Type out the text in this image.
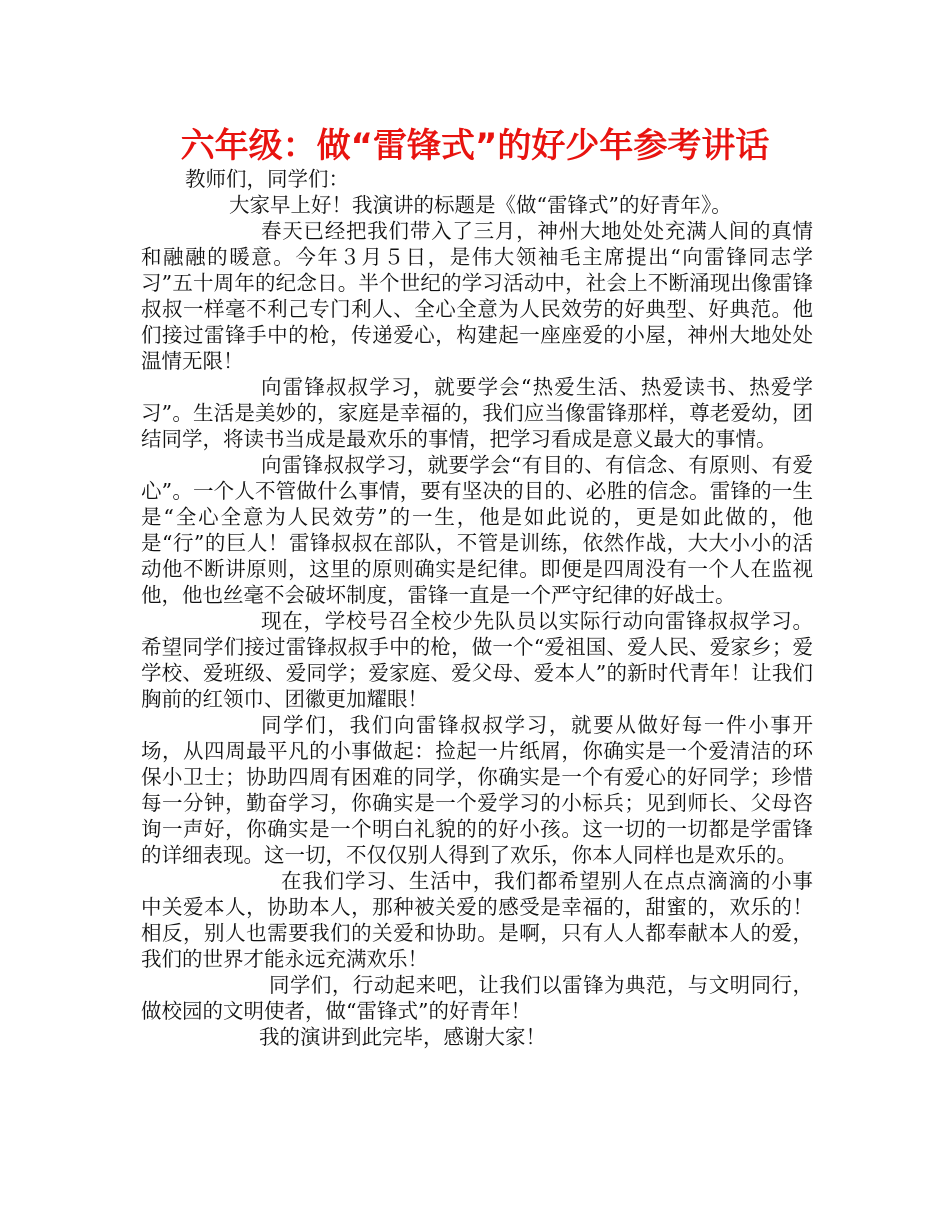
六年级：做“雷锋式”的好少年参考讲话

教师们，同学们：

大家早上好！我演讲的标题是《做“雷锋式”的好青年》。

春天已经把我们带入了三月，神州大地处处充满人间的真情和融融的暖意。今年３月５日，是伟大领袖毛主席提出“向雷锋同志学习”五十周年的纪念日。半个世纪的学习活动中，社会上不断涌现出像雷锋叔叔一样毫不利己专门利人、全心全意为人民效劳的好典型、好典范。他们接过雷锋手中的枪，传递爱心，构建起一座座爱的小屋，神州大地处处温情无限！

向雷锋叔叔学习，就要学会“热爱生活、热爱读书、热爱学习”。生活是美妙的，家庭是幸福的，我们应当像雷锋那样，尊老爱幼，团结同学，将读书当成是最欢乐的事情，把学习看成是意义最大的事情。

向雷锋叔叔学习，就要学会“有目的、有信念、有原则、有爱心”。一个人不管做什么事情，要有坚决的目的、必胜的信念。雷锋的一生是“全心全意为人民效劳”的一生，他是如此说的，更是如此做的，他是“行”的巨人！雷锋叔叔在部队，不管是训练，依然作战，大大小小的活动他不断讲原则，这里的原则确实是纪律。即便是四周没有一个人在监视他，他也丝毫不会破坏制度，雷锋一直是一个严守纪律的好战士。

现在，学校号召全校少先队员以实际行动向雷锋叔叔学习。希望同学们接过雷锋叔叔手中的枪，做一个“爱祖国、爱人民、爱家乡；爱学校、爱班级、爱同学；爱家庭、爱父母、爱本人”的新时代青年！让我们胸前的红领巾、团徽更加耀眼！

同学们，我们向雷锋叔叔学习，就要从做好每一件小事开场，从四周最平凡的小事做起：捡起一片纸屑，你确实是一个爱清洁的环保小卫士；协助四周有困难的同学，你确实是一个有爱心的好同学；珍惜每一分钟，勤奋学习，你确实是一个爱学习的小标兵；见到师长、父母咨询一声好，你确实是一个明白礼貌的的好小孩。这一切的一切都是学雷锋的详细表现。这一切，不仅仅别人得到了欢乐，你本人同样也是欢乐的。

在我们学习、生活中，我们都希望别人在点点滴滴的小事中关爱本人，协助本人，那种被关爱的感受是幸福的，甜蜜的，欢乐的！相反，别人也需要我们的关爱和协助。是啊，只有人人都奉献本人的爱，我们的世界才能永远充满欢乐！

同学们，行动起来吧，让我们以雷锋为典范，与文明同行，做校园的文明使者，做“雷锋式”的好青年！

我的演讲到此完毕，感谢大家！
